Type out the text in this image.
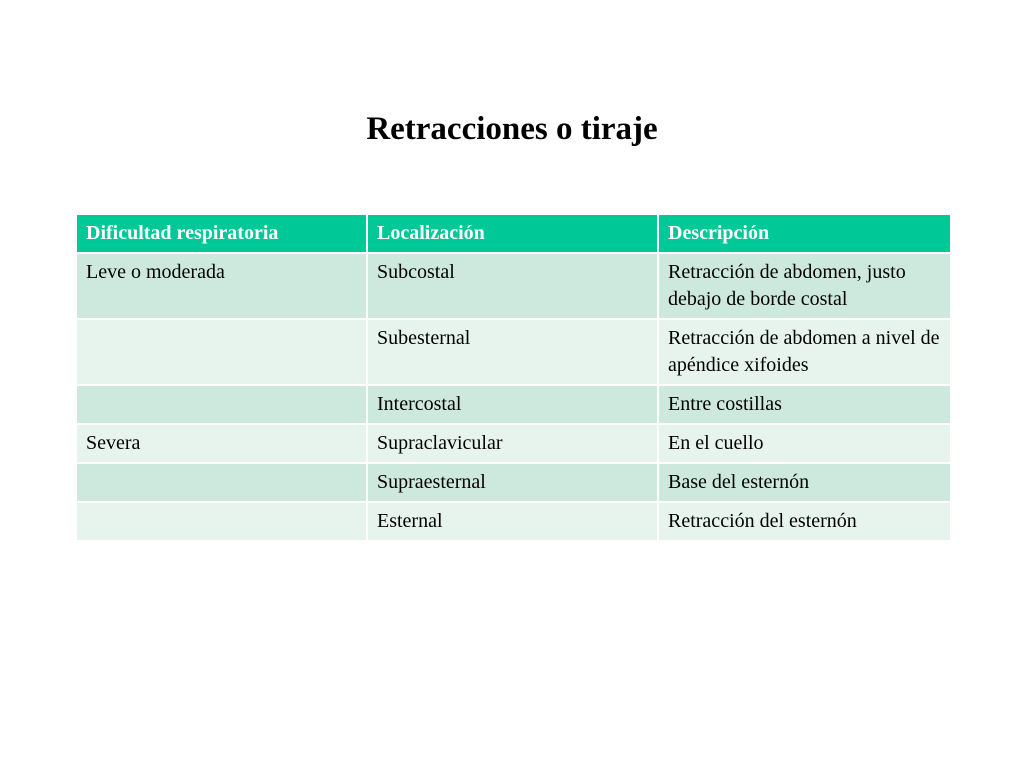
Retracciones o tiraje
Dificultad respiratoria	Localización	Descripción
Leve o moderada	Subcostal	Retracción de abdomen, justo debajo de borde costal
	Subesternal	Retracción de abdomen a nivel de apéndice xifoides
	Intercostal	Entre costillas
Severa	Supraclavicular	En el cuello
	Supraesternal	Base del esternón
	Esternal	Retracción del esternón
